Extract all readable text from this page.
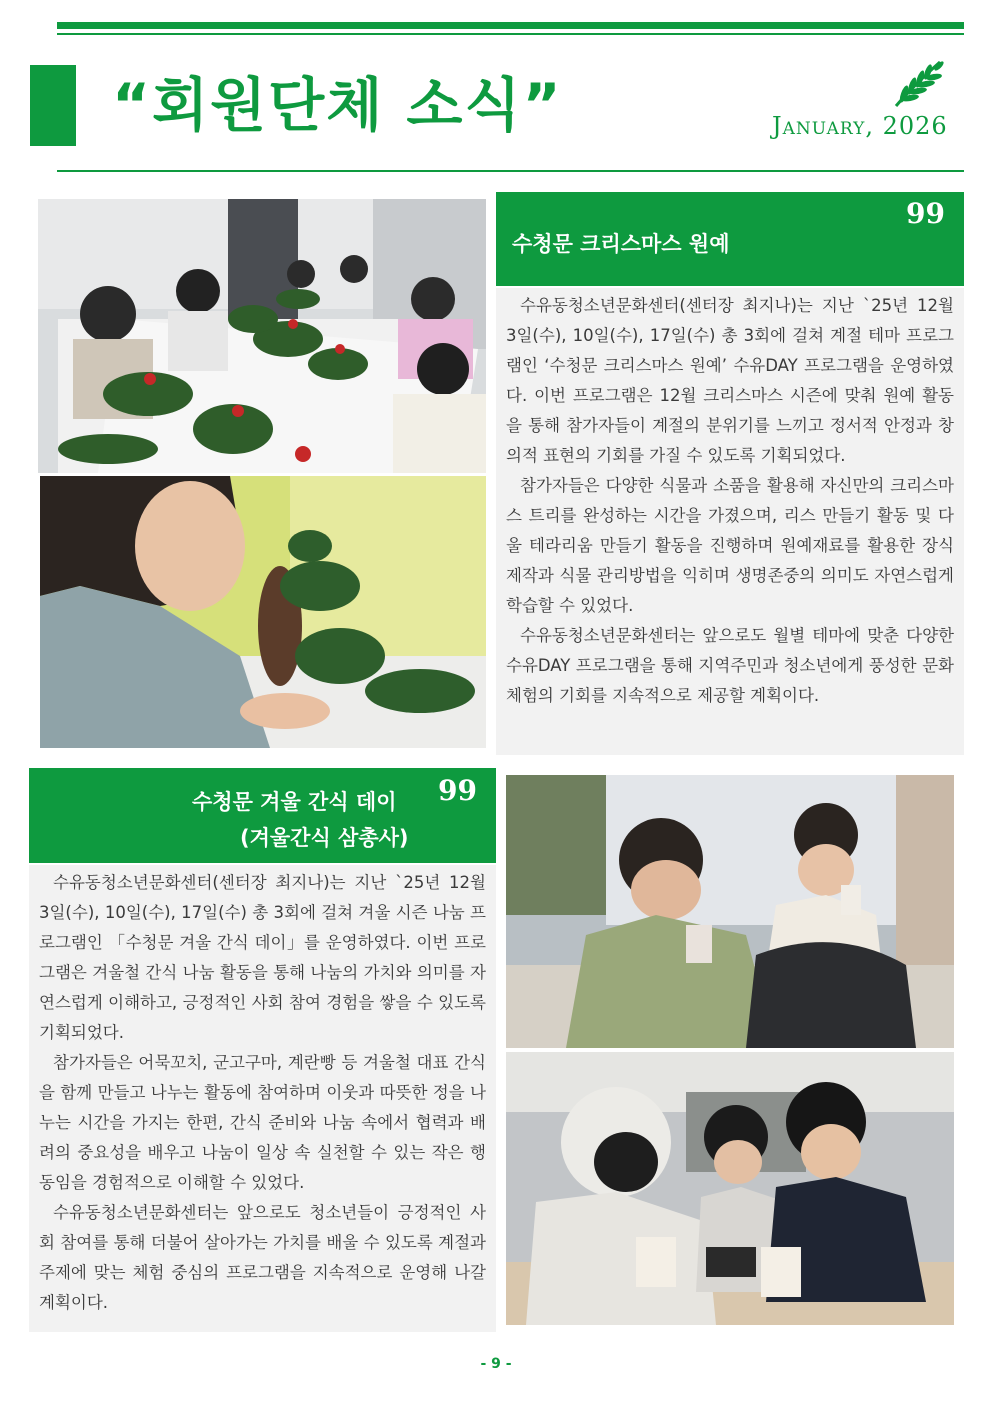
“회원단체 소식”	January, 2026
수청문 크리스마스 원예
99

수유동청소년문화센터(센터장 최지나)는 지난 `25년 12월 3일(수), 10일(수), 17일(수) 총 3회에 걸쳐 계절 테마 프로그램인 ‘수청문 크리스마스 원예’ 수유DAY 프로그램을 운영하였다. 이번 프로그램은 12월 크리스마스 시즌에 맞춰 원예 활동을 통해 참가자들이 계절의 분위기를 느끼고 정서적 안정과 창의적 표현의 기회를 가질 수 있도록 기획되었다.

참가자들은 다양한 식물과 소품을 활용해 자신만의 크리스마스 트리를 완성하는 시간을 가졌으며, 리스 만들기 활동 및 다울 테라리움 만들기 활동을 진행하며 원예재료를 활용한 장식제작과 식물 관리방법을 익히며 생명존중의 의미도 자연스럽게 학습할 수 있었다.

수유동청소년문화센터는 앞으로도 월별 테마에 맞춘 다양한 수유DAY 프로그램을 통해 지역주민과 청소년에게 풍성한 문화체험의 기회를 지속적으로 제공할 계획이다.

수청문 겨울 간식 데이
(겨울간식 삼총사)
99

수유동청소년문화센터(센터장 최지나)는 지난 `25년 12월 3일(수), 10일(수), 17일(수) 총 3회에 걸쳐 겨울 시즌 나눔 프로그램인 「수청문 겨울 간식 데이」를 운영하였다. 이번 프로그램은 겨울철 간식 나눔 활동을 통해 나눔의 가치와 의미를 자연스럽게 이해하고, 긍정적인 사회 참여 경험을 쌓을 수 있도록 기획되었다.

참가자들은 어묵꼬치, 군고구마, 계란빵 등 겨울철 대표 간식을 함께 만들고 나누는 활동에 참여하며 이웃과 따뜻한 정을 나누는 시간을 가지는 한편, 간식 준비와 나눔 속에서 협력과 배려의 중요성을 배우고 나눔이 일상 속 실천할 수 있는 작은 행동임을 경험적으로 이해할 수 있었다.

수유동청소년문화센터는 앞으로도 청소년들이 긍정적인 사회 참여를 통해 더불어 살아가는 가치를 배울 수 있도록 계절과 주제에 맞는 체험 중심의 프로그램을 지속적으로 운영해 나갈 계획이다.

- 9 -
